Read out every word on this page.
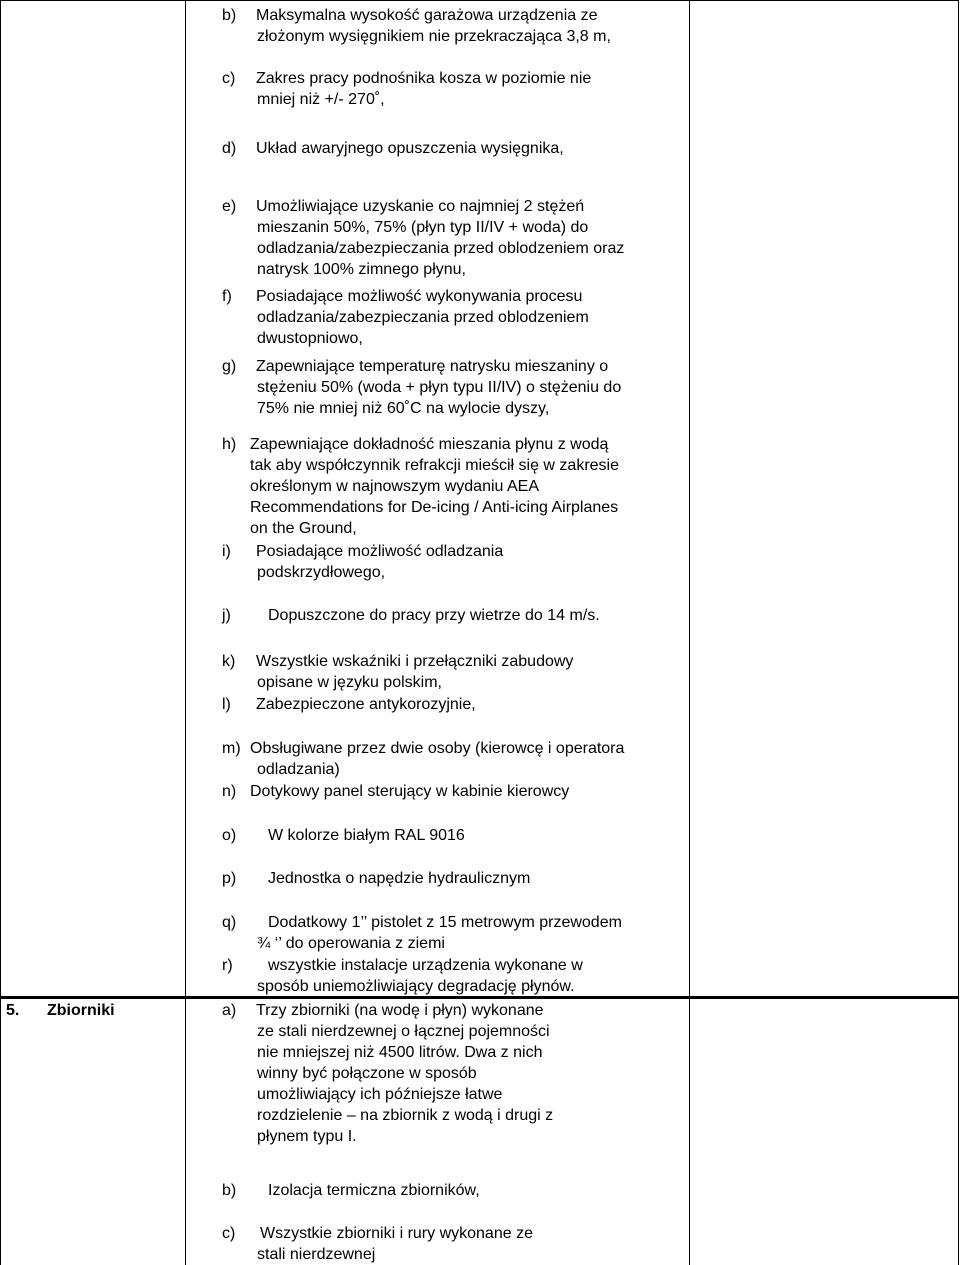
b) Maksymalna wysokość garażowa urządzenia ze
złożonym wysięgnikiem nie przekraczająca 3,8 m,
c) Zakres pracy podnośnika kosza w poziomie nie
mniej niż +/- 270˚,
d) Układ awaryjnego opuszczenia wysięgnika,
e) Umożliwiające uzyskanie co najmniej 2 stężeń
mieszanin 50%, 75% (płyn typ II/IV + woda) do
odladzania/zabezpieczania przed oblodzeniem oraz
natrysk 100% zimnego płynu,
f) Posiadające możliwość wykonywania procesu
odladzania/zabezpieczania przed oblodzeniem
dwustopniowo,
g) Zapewniające temperaturę natrysku mieszaniny o
stężeniu 50% (woda + płyn typu II/IV) o stężeniu do
75% nie mniej niż 60˚C na wylocie dyszy,
h) Zapewniające dokładność mieszania płynu z wodą
tak aby współczynnik refrakcji mieścił się w zakresie
określonym w najnowszym wydaniu AEA
Recommendations for De-icing / Anti-icing Airplanes
on the Ground,
i) Posiadające możliwość odladzania
podskrzydłowego,
j) Dopuszczone do pracy przy wietrze do 14 m/s.
k) Wszystkie wskaźniki i przełączniki zabudowy
opisane w języku polskim,
l) Zabezpieczone antykorozyjnie,
m) Obsługiwane przez dwie osoby (kierowcę i operatora
odladzania)
n) Dotykowy panel sterujący w kabinie kierowcy
o) W kolorze białym RAL 9016
p) Jednostka o napędzie hydraulicznym
q) Dodatkowy 1’’ pistolet z 15 metrowym przewodem
¾ ‘’ do operowania z ziemi
r) wszystkie instalacje urządzenia wykonane w
sposób uniemożliwiający degradację płynów.
5. Zbiorniki	a) Trzy zbiorniki (na wodę i płyn) wykonane
ze stali nierdzewnej o łącznej pojemności
nie mniejszej niż 4500 litrów. Dwa z nich
winny być połączone w sposób
umożliwiający ich późniejsze łatwe
rozdzielenie – na zbiornik z wodą i drugi z
płynem typu I.
b) Izolacja termiczna zbiorników,
c) Wszystkie zbiorniki i rury wykonane ze
stali nierdzewnej
